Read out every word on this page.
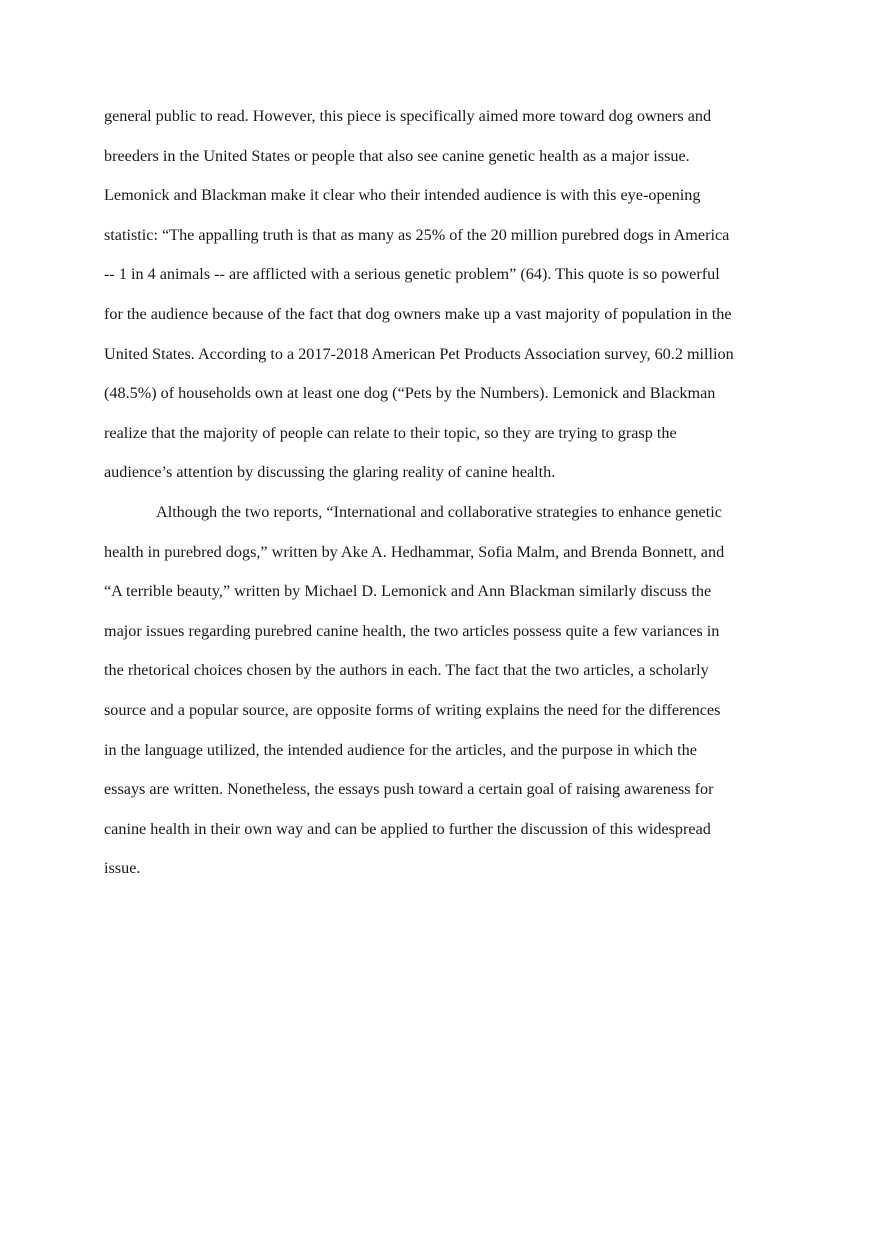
general public to read. However, this piece is specifically aimed more toward dog owners and
breeders in the United States or people that also see canine genetic health as a major issue.
Lemonick and Blackman make it clear who their intended audience is with this eye-opening
statistic: “The appalling truth is that as many as 25% of the 20 million purebred dogs in America
-- 1 in 4 animals -- are afflicted with a serious genetic problem” (64). This quote is so powerful
for the audience because of the fact that dog owners make up a vast majority of population in the
United States. According to a 2017-2018 American Pet Products Association survey, 60.2 million
(48.5%) of households own at least one dog (“Pets by the Numbers). Lemonick and Blackman
realize that the majority of people can relate to their topic, so they are trying to grasp the
audience’s attention by discussing the glaring reality of canine health.
Although the two reports, “International and collaborative strategies to enhance genetic
health in purebred dogs,” written by Ake A. Hedhammar, Sofia Malm, and Brenda Bonnett, and
“A terrible beauty,” written by Michael D. Lemonick and Ann Blackman similarly discuss the
major issues regarding purebred canine health, the two articles possess quite a few variances in
the rhetorical choices chosen by the authors in each. The fact that the two articles, a scholarly
source and a popular source, are opposite forms of writing explains the need for the differences
in the language utilized, the intended audience for the articles, and the purpose in which the
essays are written. Nonetheless, the essays push toward a certain goal of raising awareness for
canine health in their own way and can be applied to further the discussion of this widespread
issue.
